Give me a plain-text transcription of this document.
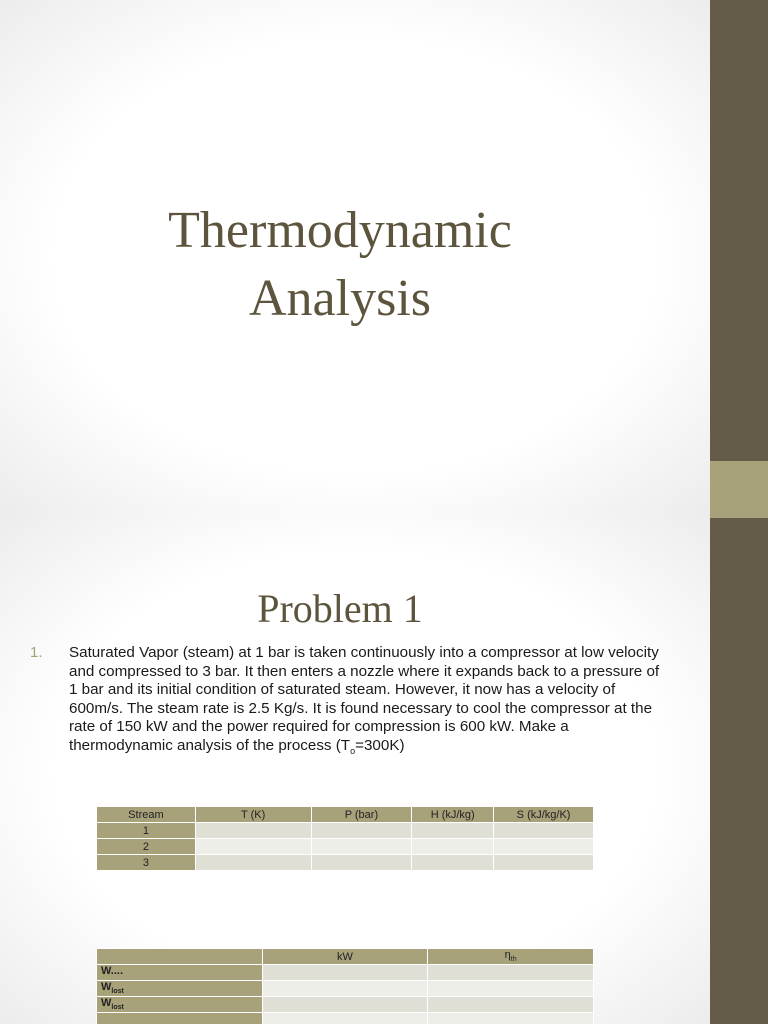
Thermodynamic
Analysis
Problem 1
1. Saturated Vapor (steam) at 1 bar is taken continuously into a compressor at low velocity and compressed to 3 bar. It then enters a nozzle where it expands back to a pressure of 1 bar and its initial condition of saturated steam. However, it now has a velocity of 600m/s. The steam rate is 2.5 Kg/s. It is found necessary to cool the compressor at the rate of 150 kW and the power required for compression is 600 kW. Make a thermodynamic analysis of the process $(T_o=300K)$
Stream	T (K)	P (bar)	H (kJ/kg)	S (kJ/kg/K)
1				
2				
3				
	kW	$\eta_{th}$
W....		
$W_{lost}$		
$W_{lost}$		
